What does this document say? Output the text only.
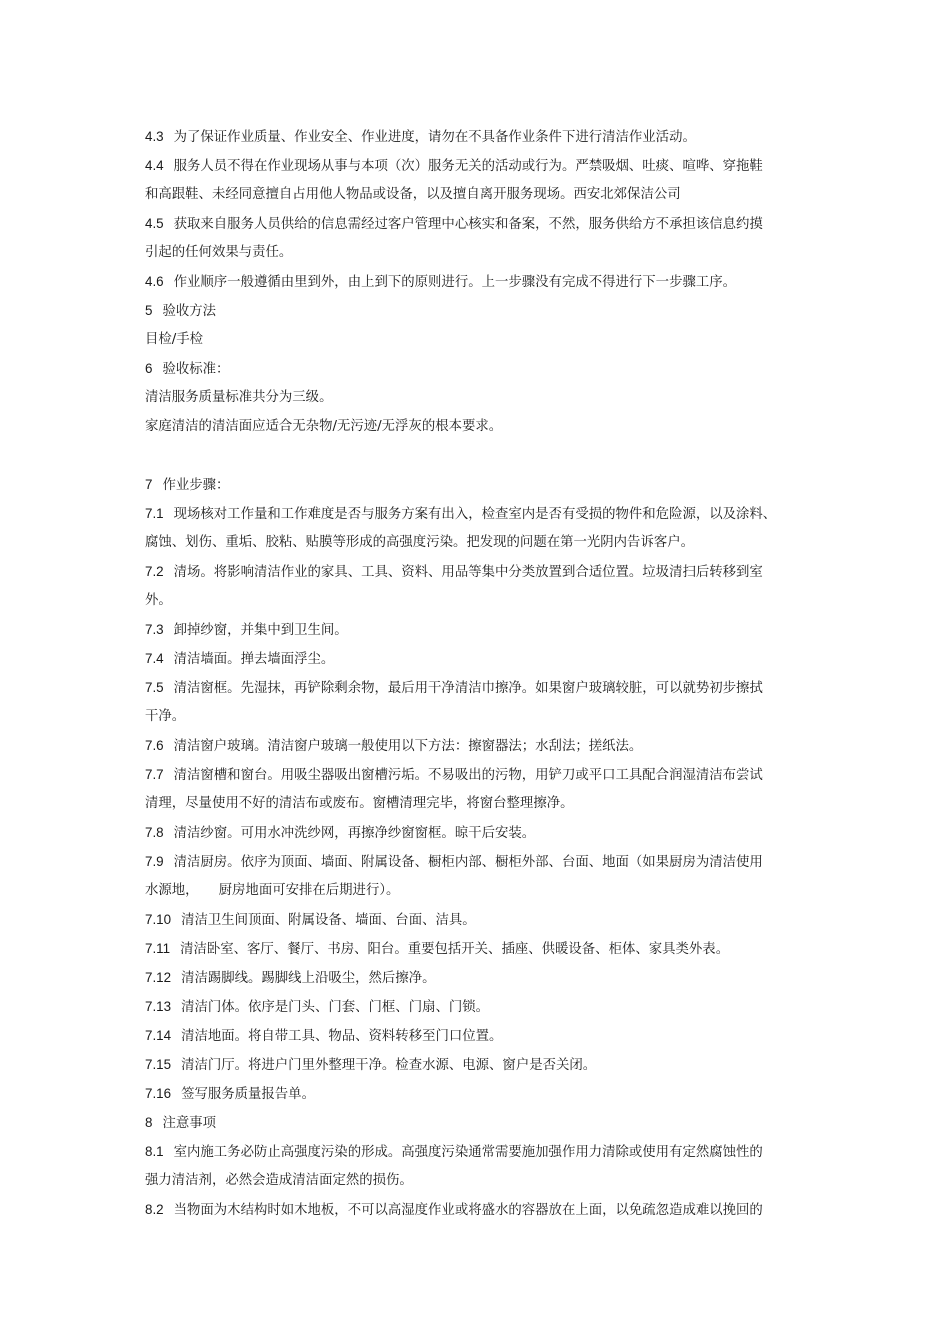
4.3 为了保证作业质量、作业安全、作业进度，请勿在不具备作业条件下进行清洁作业活动。
4.4 服务人员不得在作业现场从事与本项（次）服务无关的活动或行为。严禁吸烟、吐痰、喧哗、穿拖鞋
和高跟鞋、未经同意擅自占用他人物品或设备，以及擅自离开服务现场。西安北郊保洁公司
4.5 获取来自服务人员供给的信息需经过客户管理中心核实和备案，不然，服务供给方不承担该信息约摸
引起的任何效果与责任。
4.6 作业顺序一般遵循由里到外，由上到下的原则进行。上一步骤没有完成不得进行下一步骤工序。
5 验收方法
目检/手检
6 验收标准：
清洁服务质量标准共分为三级。
家庭清洁的清洁面应适合无杂物/无污迹/无浮灰的根本要求。
7 作业步骤：
7.1 现场核对工作量和工作难度是否与服务方案有出入，检查室内是否有受损的物件和危险源，以及涂料、
腐蚀、划伤、重垢、胶粘、贴膜等形成的高强度污染。把发现的问题在第一光阴内告诉客户。
7.2 清场。将影响清洁作业的家具、工具、资料、用品等集中分类放置到合适位置。垃圾清扫后转移到室
外。
7.3 卸掉纱窗，并集中到卫生间。
7.4 清洁墙面。掸去墙面浮尘。
7.5 清洁窗框。先湿抹，再铲除剩余物，最后用干净清洁巾擦净。如果窗户玻璃较脏，可以就势初步擦拭
干净。
7.6 清洁窗户玻璃。清洁窗户玻璃一般使用以下方法：擦窗器法；水刮法；搓纸法。
7.7 清洁窗槽和窗台。用吸尘器吸出窗槽污垢。不易吸出的污物，用铲刀或平口工具配合润湿清洁布尝试
清理，尽量使用不好的清洁布或废布。窗槽清理完毕，将窗台整理擦净。
7.8 清洁纱窗。可用水冲洗纱网，再擦净纱窗窗框。晾干后安装。
7.9 清洁厨房。依序为顶面、墙面、附属设备、橱柜内部、橱柜外部、台面、地面（如果厨房为清洁使用
水源地，　　厨房地面可安排在后期进行）。
7.10 清洁卫生间顶面、附属设备、墙面、台面、洁具。
7.11 清洁卧室、客厅、餐厅、书房、阳台。重要包括开关、插座、供暖设备、柜体、家具类外表。
7.12 清洁踢脚线。踢脚线上沿吸尘，然后擦净。
7.13 清洁门体。依序是门头、门套、门框、门扇、门锁。
7.14 清洁地面。将自带工具、物品、资料转移至门口位置。
7.15 清洁门厅。将进户门里外整理干净。检查水源、电源、窗户是否关闭。
7.16 签写服务质量报告单。
8 注意事项
8.1 室内施工务必防止高强度污染的形成。高强度污染通常需要施加强作用力清除或使用有定然腐蚀性的
强力清洁剂，必然会造成清洁面定然的损伤。
8.2 当物面为木结构时如木地板，不可以高湿度作业或将盛水的容器放在上面，以免疏忽造成难以挽回的
